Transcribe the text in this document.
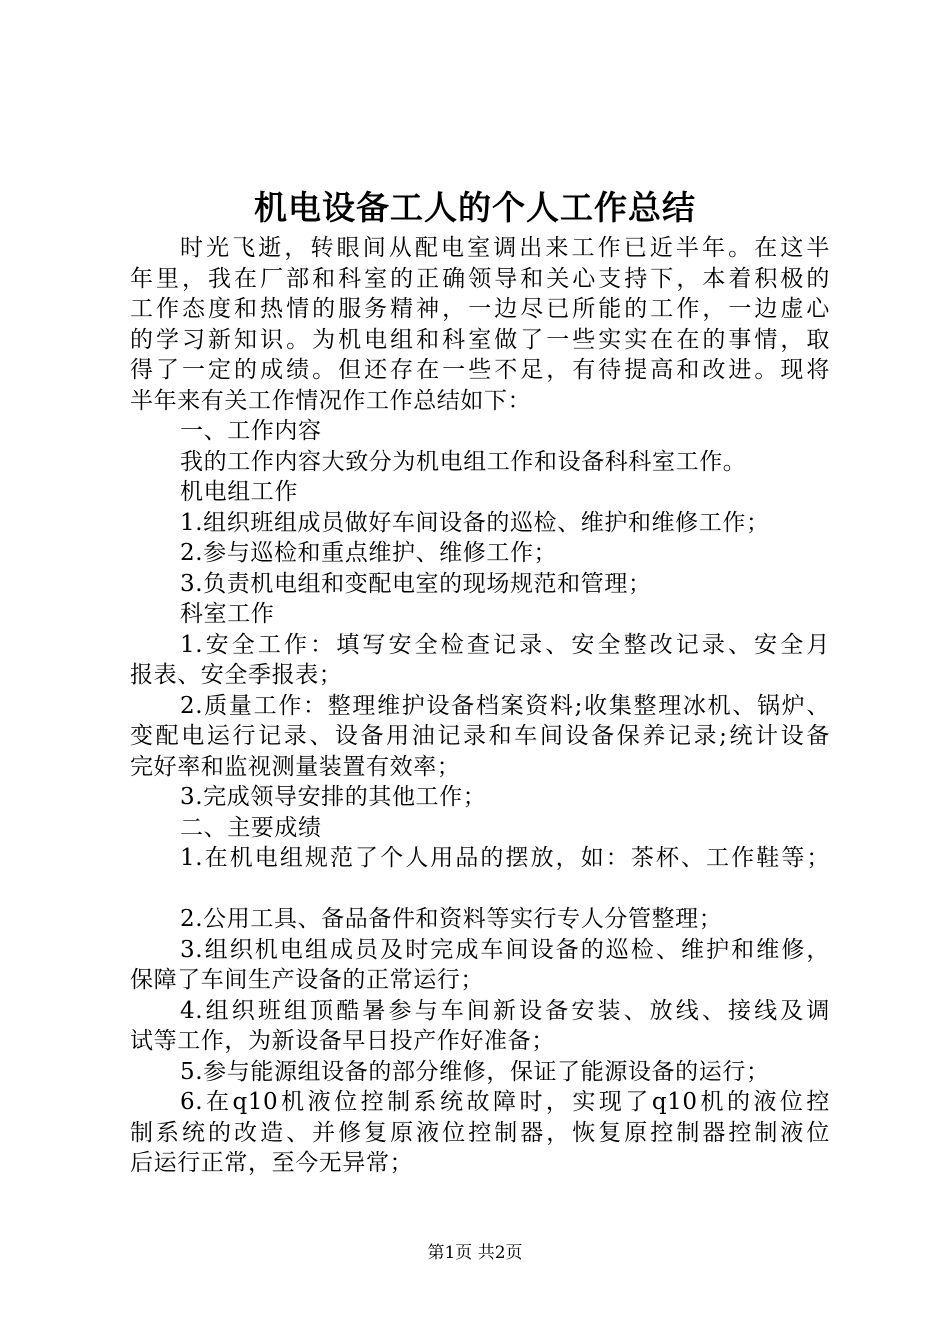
机电设备工人的个人工作总结
时光飞逝，转眼间从配电室调出来工作已近半年。在这半
年里，我在厂部和科室的正确领导和关心支持下，本着积极的
工作态度和热情的服务精神，一边尽已所能的工作，一边虚心
的学习新知识。为机电组和科室做了一些实实在在的事情，取
得了一定的成绩。但还存在一些不足，有待提高和改进。现将
半年来有关工作情况作工作总结如下：
一、工作内容
我的工作内容大致分为机电组工作和设备科科室工作。
机电组工作
1.组织班组成员做好车间设备的巡检、维护和维修工作；
2.参与巡检和重点维护、维修工作；
3.负责机电组和变配电室的现场规范和管理；
科室工作
1.安全工作：填写安全检查记录、安全整改记录、安全月
报表、安全季报表；
2.质量工作：整理维护设备档案资料;收集整理冰机、锅炉、
变配电运行记录、设备用油记录和车间设备保养记录;统计设备
完好率和监视测量装置有效率；
3.完成领导安排的其他工作；
二、主要成绩
1.在机电组规范了个人用品的摆放，如：茶杯、工作鞋等；
2.公用工具、备品备件和资料等实行专人分管整理；
3.组织机电组成员及时完成车间设备的巡检、维护和维修，
保障了车间生产设备的正常运行；
4.组织班组顶酷暑参与车间新设备安装、放线、接线及调
试等工作，为新设备早日投产作好准备；
5.参与能源组设备的部分维修，保证了能源设备的运行；
6.在q10机液位控制系统故障时，实现了q10机的液位控
制系统的改造、并修复原液位控制器，恢复原控制器控制液位
后运行正常，至今无异常；
第1页 共2页
